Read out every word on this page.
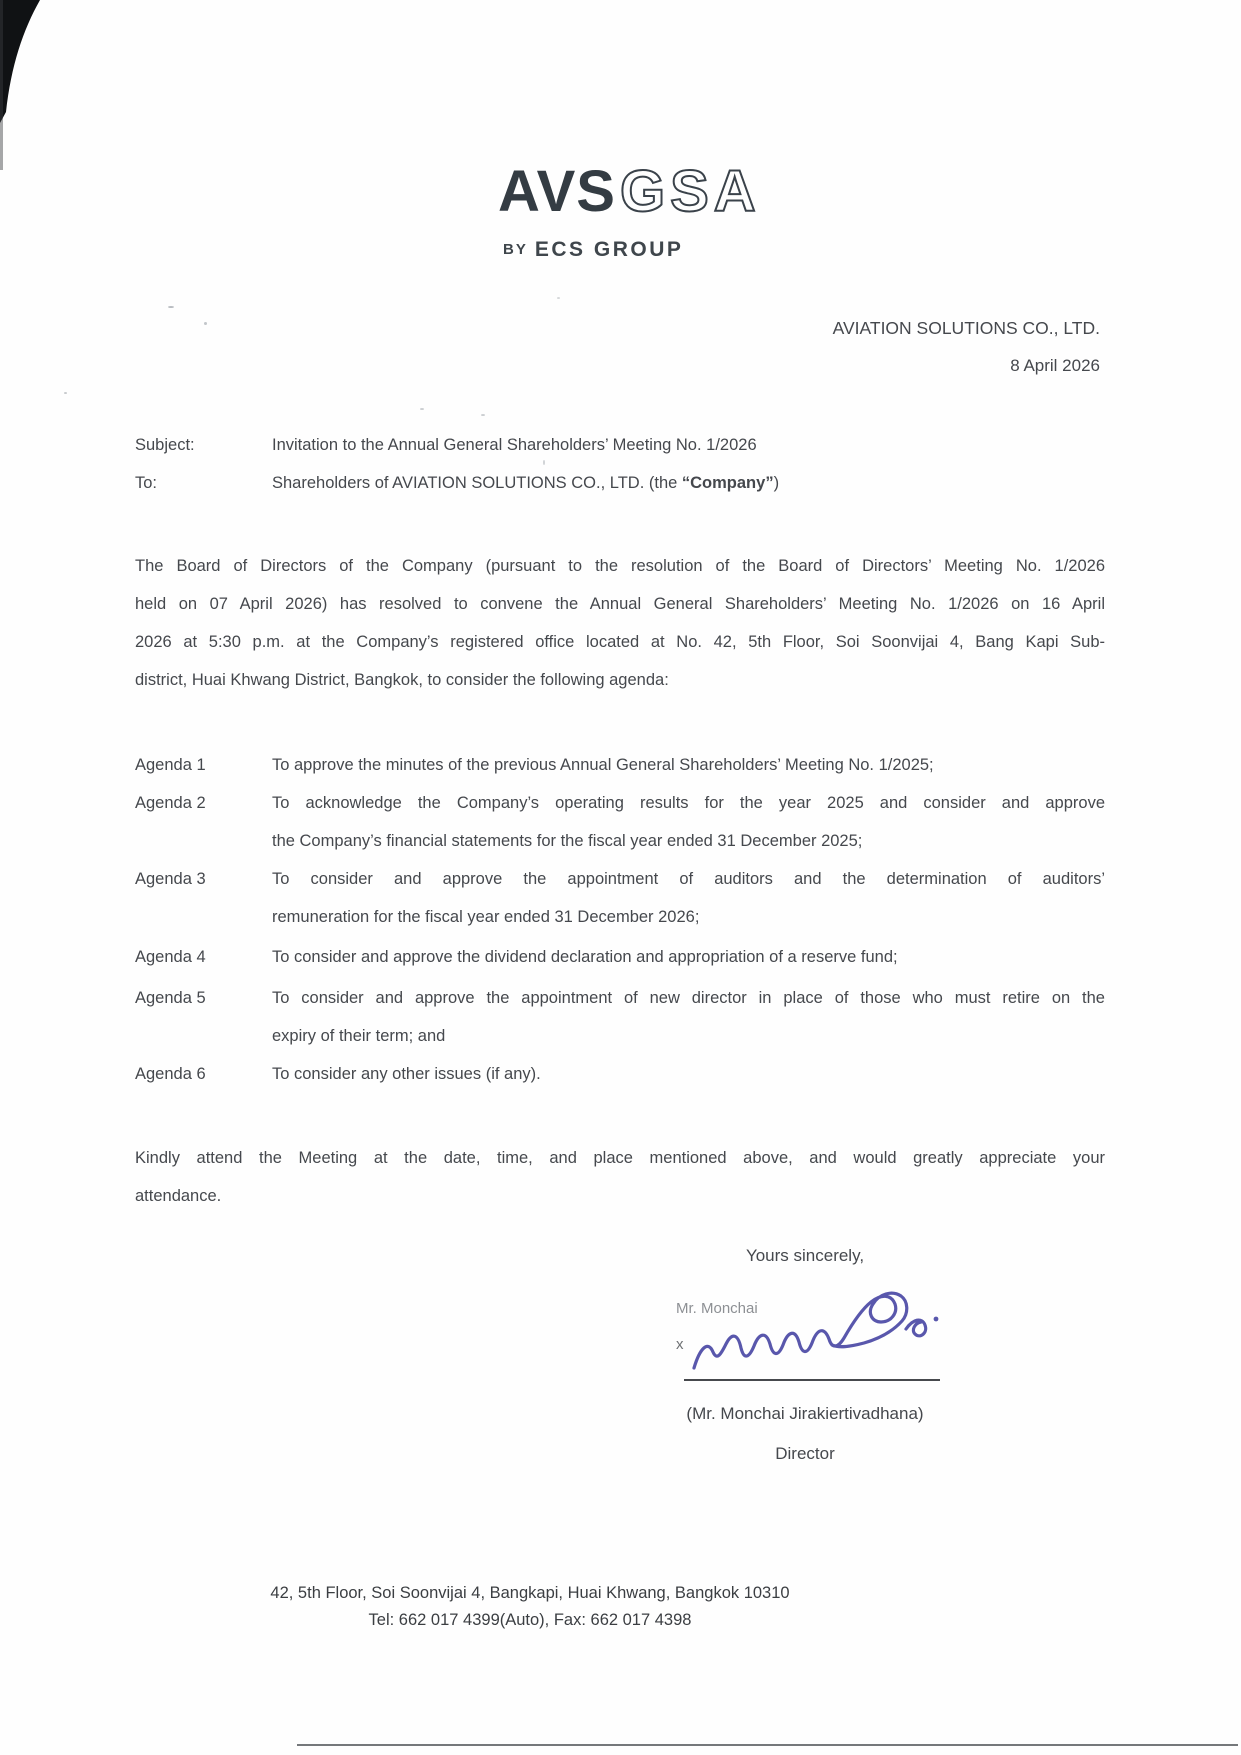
AVSGSA
BY ECS GROUP
AVIATION SOLUTIONS CO., LTD.
8 April 2026
Subject:	Invitation to the Annual General Shareholders’ Meeting No. 1/2026
To:	Shareholders of AVIATION SOLUTIONS CO., LTD. (the “Company”)
The Board of Directors of the Company (pursuant to the resolution of the Board of Directors’ Meeting No. 1/2026
held on 07 April 2026) has resolved to convene the Annual General Shareholders’ Meeting No. 1/2026 on 16 April
2026 at 5:30 p.m. at the Company’s registered office located at No. 42, 5th Floor, Soi Soonvijai 4, Bang Kapi Sub-
district, Huai Khwang District, Bangkok, to consider the following agenda:
Agenda 1	To approve the minutes of the previous Annual General Shareholders’ Meeting No. 1/2025;
Agenda 2	To acknowledge the Company’s operating results for the year 2025 and consider and approve
the Company’s financial statements for the fiscal year ended 31 December 2025;
Agenda 3	To consider and approve the appointment of auditors and the determination of auditors’
remuneration for the fiscal year ended 31 December 2026;
Agenda 4	To consider and approve the dividend declaration and appropriation of a reserve fund;
Agenda 5	To consider and approve the appointment of new director in place of those who must retire on the
expiry of their term; and
Agenda 6	To consider any other issues (if any).
Kindly attend the Meeting at the date, time, and place mentioned above, and would greatly appreciate your
attendance.
Yours sincerely,
Mr. Monchai
x
(Mr. Monchai Jirakiertivadhana)
Director
42, 5th Floor, Soi Soonvijai 4, Bangkapi, Huai Khwang, Bangkok 10310
Tel: 662 017 4399(Auto), Fax: 662 017 4398
